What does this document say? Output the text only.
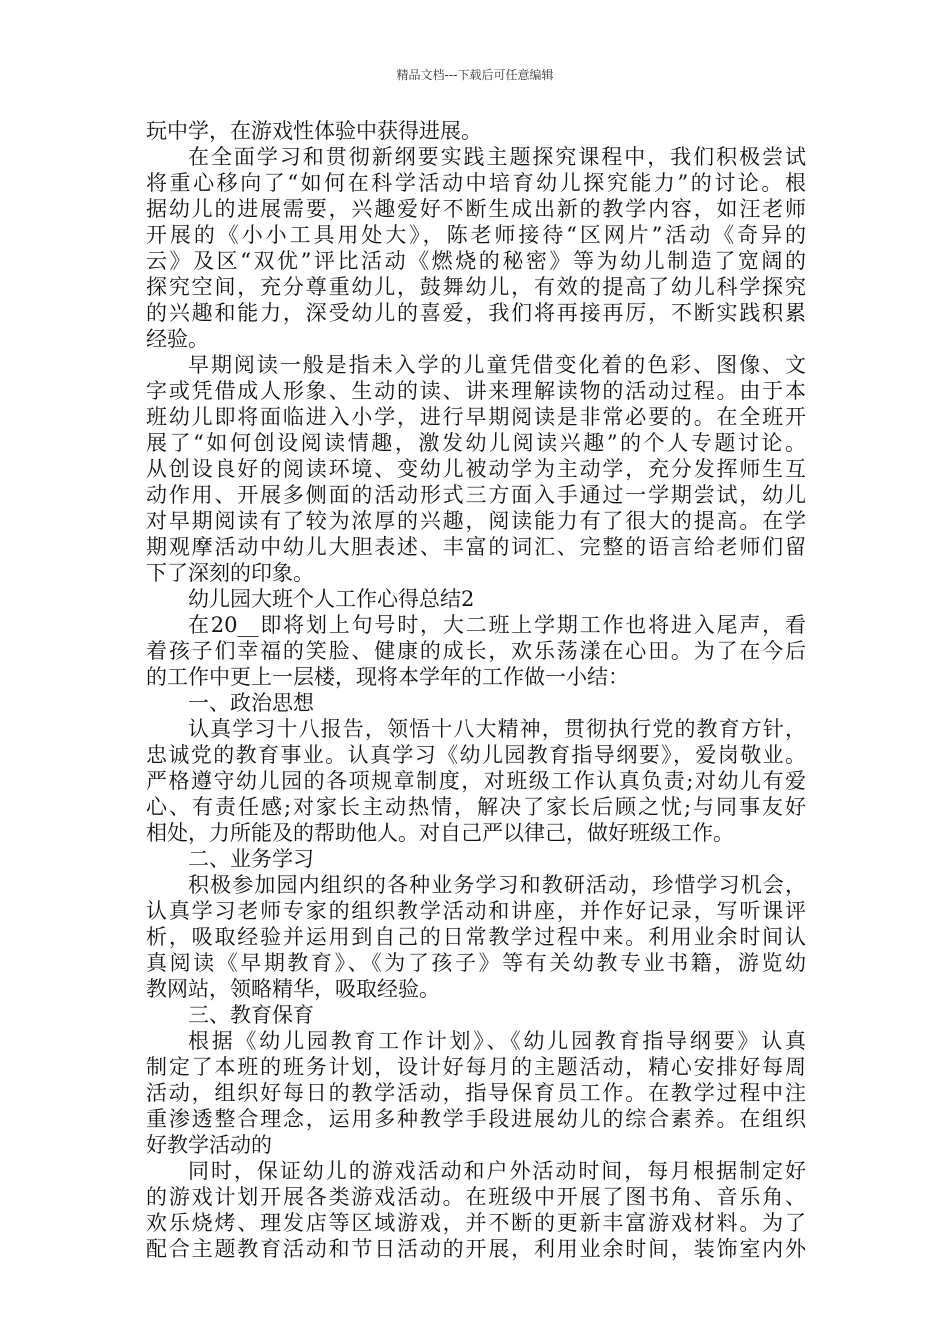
精品文档---下载后可任意编辑
玩中学，在游戏性体验中获得进展。
在全面学习和贯彻新纲要实践主题探究课程中，我们积极尝试
将重心移向了“如何在科学活动中培育幼儿探究能力”的讨论。根
据幼儿的进展需要，兴趣爱好不断生成出新的教学内容，如汪老师
开展的《小小工具用处大》，陈老师接待“区网片”活动《奇异的
云》及区“双优”评比活动《燃烧的秘密》等为幼儿制造了宽阔的
探究空间，充分尊重幼儿，鼓舞幼儿，有效的提高了幼儿科学探究
的兴趣和能力，深受幼儿的喜爱，我们将再接再厉，不断实践积累
经验。
早期阅读一般是指未入学的儿童凭借变化着的色彩、图像、文
字或凭借成人形象、生动的读、讲来理解读物的活动过程。由于本
班幼儿即将面临进入小学，进行早期阅读是非常必要的。在全班开
展了“如何创设阅读情趣，激发幼儿阅读兴趣”的个人专题讨论。
从创设良好的阅读环境、变幼儿被动学为主动学，充分发挥师生互
动作用、开展多侧面的活动形式三方面入手通过一学期尝试，幼儿
对早期阅读有了较为浓厚的兴趣，阅读能力有了很大的提高。在学
期观摩活动中幼儿大胆表述、丰富的词汇、完整的语言给老师们留
下了深刻的印象。
幼儿园大班个人工作心得总结2
在20__即将划上句号时，大二班上学期工作也将进入尾声，看
着孩子们幸福的笑脸、健康的成长，欢乐荡漾在心田。为了在今后
的工作中更上一层楼，现将本学年的工作做一小结：
一、政治思想
认真学习十八报告，领悟十八大精神，贯彻执行党的教育方针，
忠诚党的教育事业。认真学习《幼儿园教育指导纲要》，爱岗敬业。
严格遵守幼儿园的各项规章制度，对班级工作认真负责;对幼儿有爱
心、有责任感;对家长主动热情，解决了家长后顾之忧;与同事友好
相处，力所能及的帮助他人。对自己严以律己，做好班级工作。
二、业务学习
积极参加园内组织的各种业务学习和教研活动，珍惜学习机会，
认真学习老师专家的组织教学活动和讲座，并作好记录，写听课评
析，吸取经验并运用到自己的日常教学过程中来。利用业余时间认
真阅读《早期教育》、《为了孩子》等有关幼教专业书籍，游览幼
教网站，领略精华，吸取经验。
三、教育保育
根据《幼儿园教育工作计划》、《幼儿园教育指导纲要》认真
制定了本班的班务计划，设计好每月的主题活动，精心安排好每周
活动，组织好每日的教学活动，指导保育员工作。在教学过程中注
重渗透整合理念，运用多种教学手段进展幼儿的综合素养。在组织
好教学活动的
同时，保证幼儿的游戏活动和户外活动时间，每月根据制定好
的游戏计划开展各类游戏活动。在班级中开展了图书角、音乐角、
欢乐烧烤、理发店等区域游戏，并不断的更新丰富游戏材料。为了
配合主题教育活动和节日活动的开展，利用业余时间，装饰室内外
